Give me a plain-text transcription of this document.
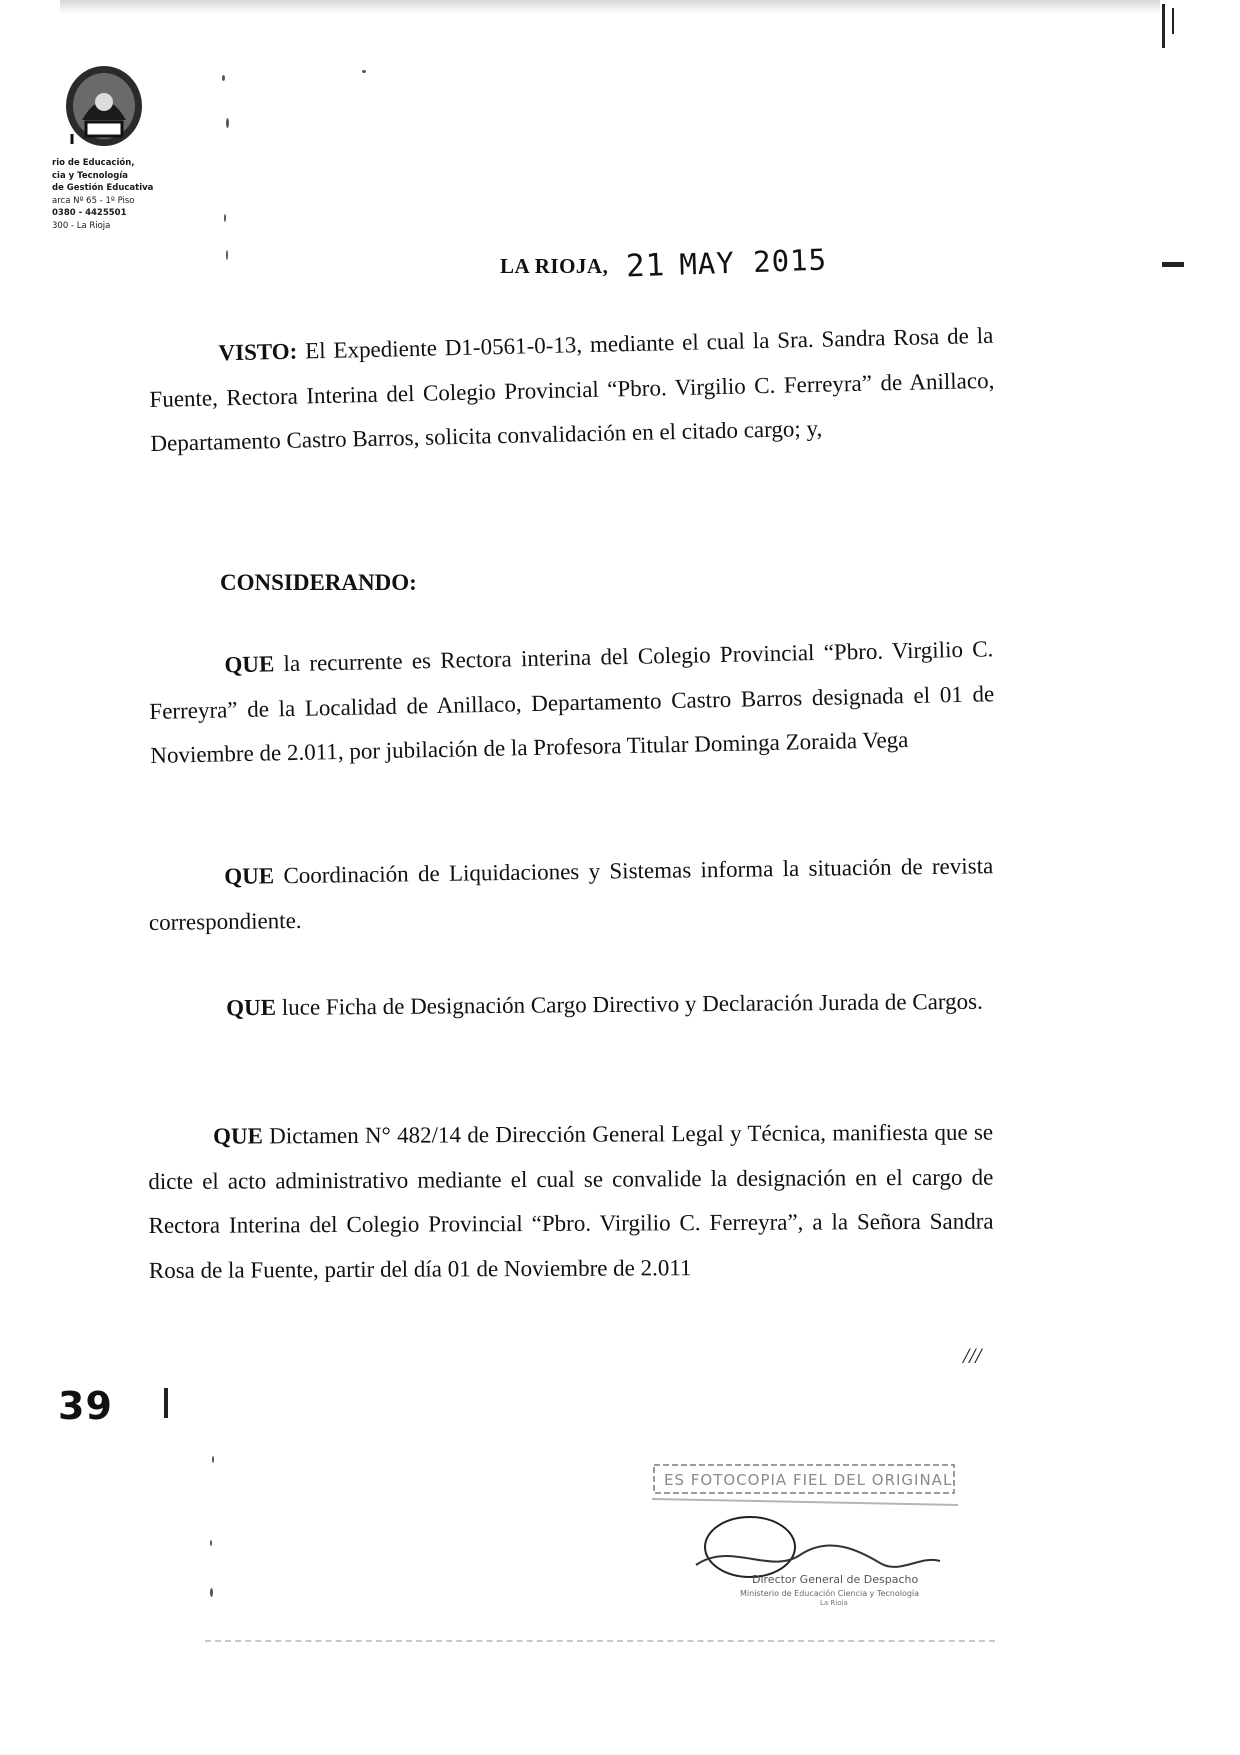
rio de Educación,
cia y Tecnología
de Gestión Educativa
arca Nº 65 - 1º Piso
0380 - 4425501
300 - La Rioja
LA RIOJA, 21 MAY 2015

VISTO: El Expediente D1-0561-0-13, mediante el cual la Sra. Sandra Rosa de la Fuente, Rectora Interina del Colegio Provincial “Pbro. Virgilio C. Ferreyra” de Anillaco, Departamento Castro Barros, solicita convalidación en el citado cargo; y,

CONSIDERANDO:

QUE la recurrente es Rectora interina del Colegio Provincial “Pbro. Virgilio C. Ferreyra” de la Localidad de Anillaco, Departamento Castro Barros designada el 01 de Noviembre de 2.011, por jubilación de la Profesora Titular Dominga Zoraida Vega

QUE Coordinación de Liquidaciones y Sistemas informa la situación de revista correspondiente.

QUE luce Ficha de Designación Cargo Directivo y Declaración Jurada de Cargos.

QUE Dictamen N° 482/14 de Dirección General Legal y Técnica, manifiesta que se dicte el acto administrativo mediante el cual se convalide la designación en el cargo de Rectora Interina del Colegio Provincial “Pbro. Virgilio C. Ferreyra”, a la Señora Sandra Rosa de la Fuente, partir del día 01 de Noviembre de 2.011

///
39
ES FOTOCOPIA FIEL DEL ORIGINAL
Director General de Despacho
Ministerio de Educación Ciencia y Tecnología
La Rioja
